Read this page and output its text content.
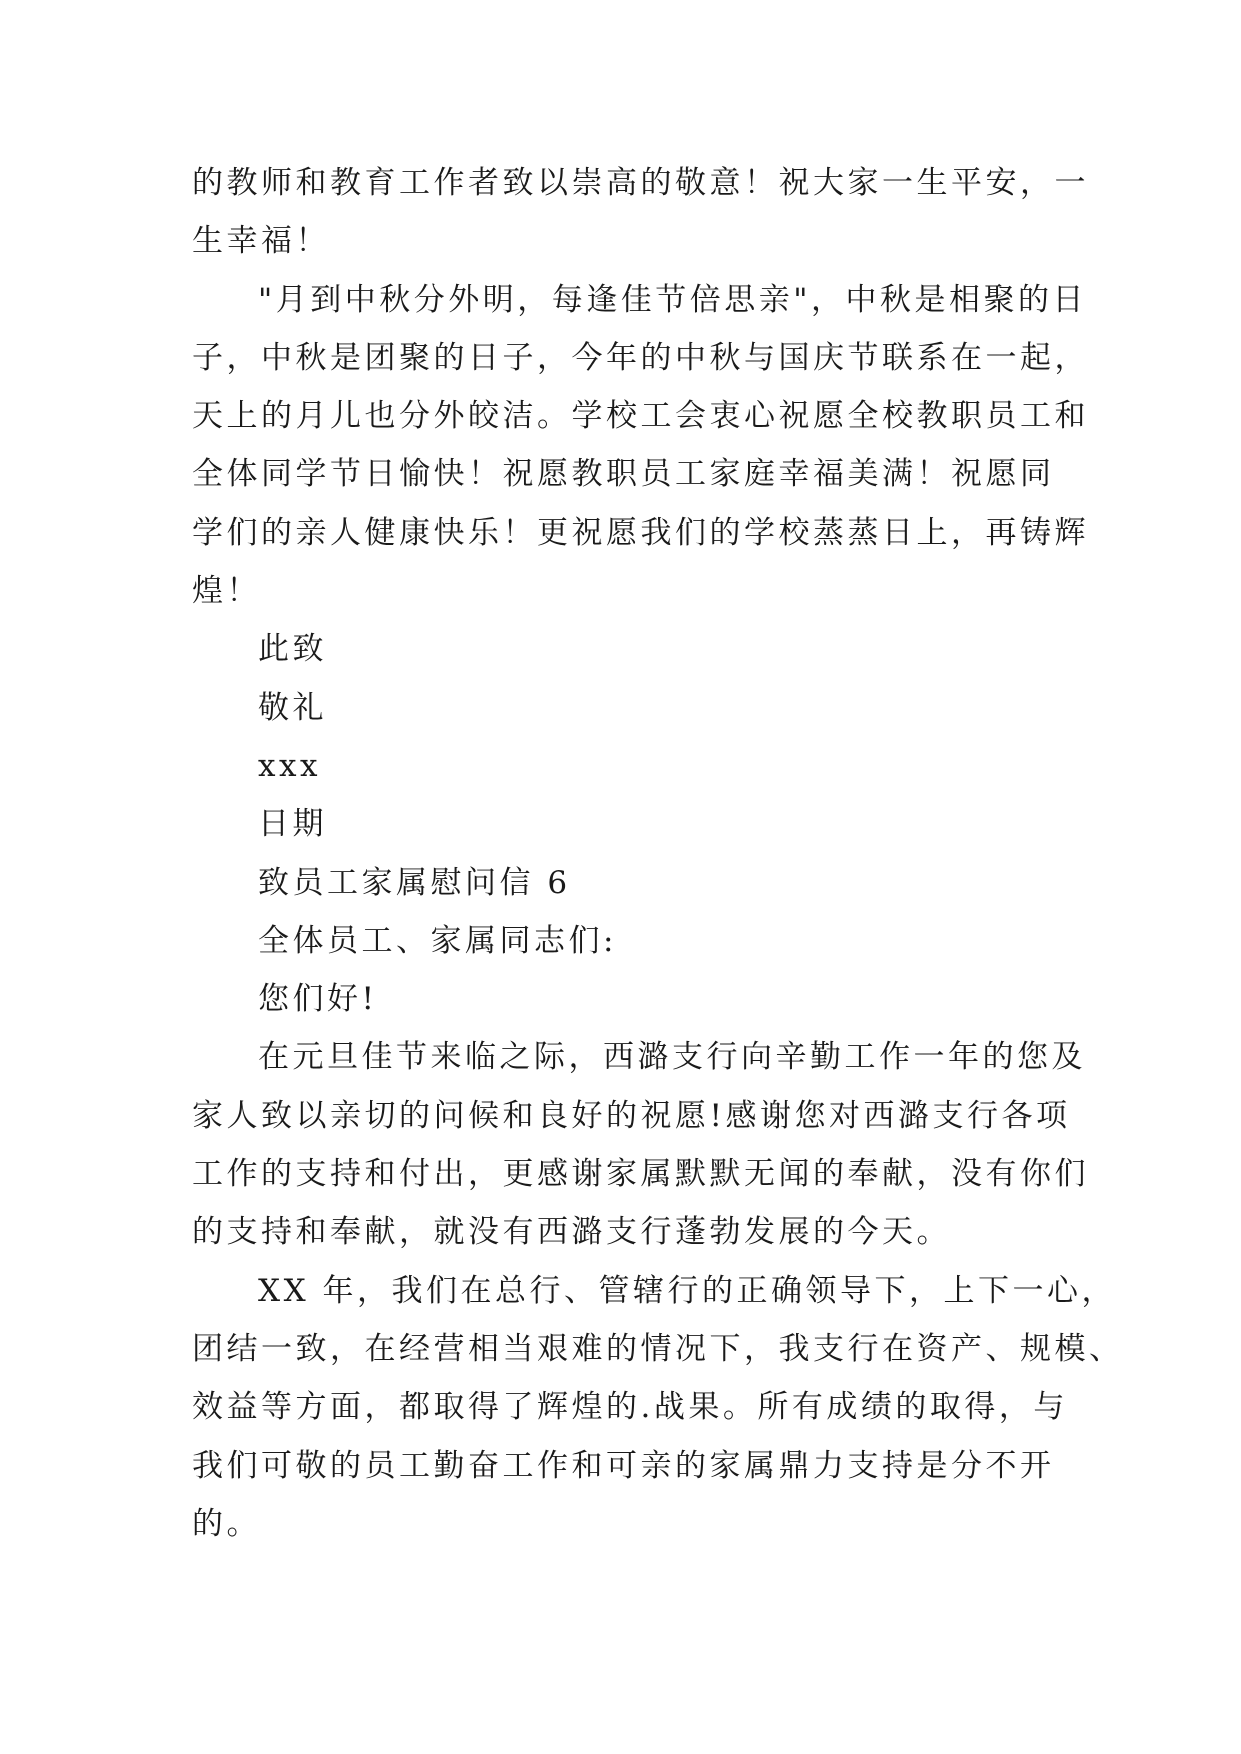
的教师和教育工作者致以崇高的敬意！祝大家一生平安，一
生幸福！
"月到中秋分外明，每逢佳节倍思亲"，中秋是相聚的日
子，中秋是团聚的日子，今年的中秋与国庆节联系在一起，
天上的月儿也分外皎洁。学校工会衷心祝愿全校教职员工和
全体同学节日愉快！祝愿教职员工家庭幸福美满！祝愿同
学们的亲人健康快乐！更祝愿我们的学校蒸蒸日上，再铸辉
煌！
此致
敬礼
xxx
日期
致员工家属慰问信 6
全体员工、家属同志们:
您们好!
在元旦佳节来临之际，西潞支行向辛勤工作一年的您及
家人致以亲切的问候和良好的祝愿!感谢您对西潞支行各项
工作的支持和付出，更感谢家属默默无闻的奉献，没有你们
的支持和奉献，就没有西潞支行蓬勃发展的今天。
XX 年，我们在总行、管辖行的正确领导下，上下一心，
团结一致，在经营相当艰难的情况下，我支行在资产、规模、
效益等方面，都取得了辉煌的.战果。所有成绩的取得，与
我们可敬的员工勤奋工作和可亲的家属鼎力支持是分不开
的。
